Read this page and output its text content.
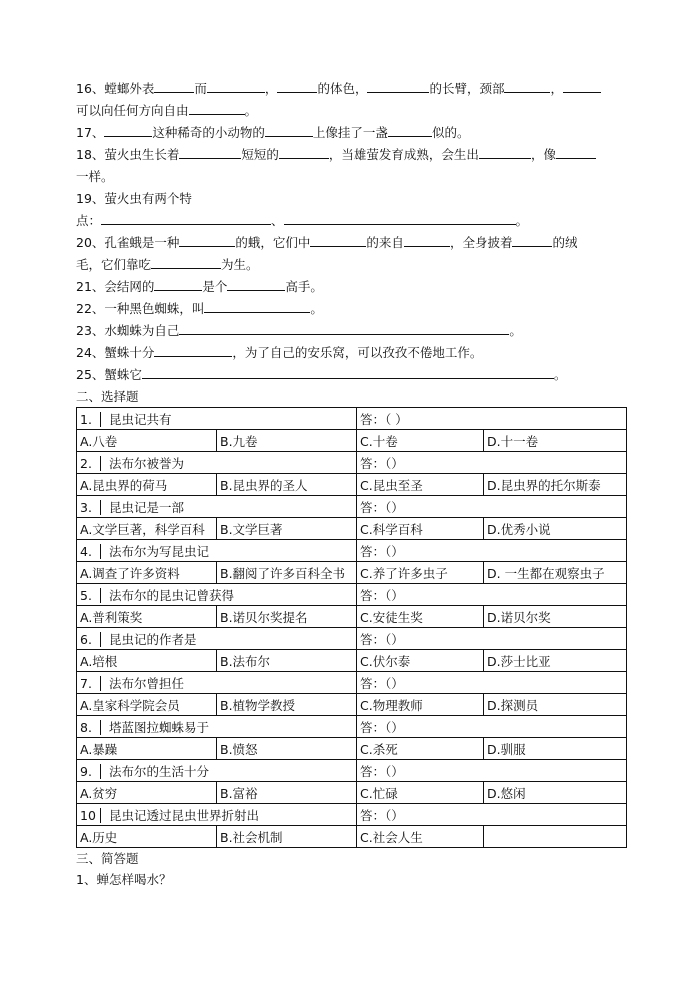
16、螳螂外表	而	，	的体色，	的长臂，颈部	，
可以向任何方向自由	。
17、	这种稀奇的小动物的	上像挂了一盏	似的。
18、萤火虫生长着	短短的	，当雄萤发育成熟，会生出	，像
一样。
19、萤火虫有两个特
点：	、	。
20、孔雀蛾是一种	的蛾，它们中	的来自	，全身披着	的绒
毛，它们靠吃	为生。
21、会结网的	是个	高手。
22、一种黑色蜘蛛，叫	。
23、水蜘蛛为自己	。
24、蟹蛛十分	，为了自己的安乐窝，可以孜孜不倦地工作。
25、蟹蛛它	。
二、选择题
1. 昆虫记共有		答：（ ）	
A.八卷	B.九卷	C.十卷	D.十一卷
2. 法布尔被誉为		答：（）	
A.昆虫界的荷马	B.昆虫界的圣人	C.昆虫至圣	D.昆虫界的托尔斯泰
3. 昆虫记是一部		答：（）	
A.文学巨著，科学百科	B.文学巨著	C.科学百科	D.优秀小说
4. 法布尔为写昆虫记		答：（）	
A.调查了许多资料	B.翻阅了许多百科全书	C.养了许多虫子	D. 一生都在观察虫子
5. 法布尔的昆虫记曾获得		答：（）	
A.普利策奖	B.诺贝尔奖提名	C.安徒生奖	D.诺贝尔奖
6. 昆虫记的作者是		答：（）	
A.培根	B.法布尔	C.伏尔泰	D.莎士比亚
7. 法布尔曾担任		答：（）	
A.皇家科学院会员	B.植物学教授	C.物理教师	D.探测员
8. 塔蓝图拉蜘蛛易于		答：（）	
A.暴躁	B.愤怒	C.杀死	D.驯服
9. 法布尔的生活十分		答：（）	
A.贫穷	B.富裕	C.忙碌	D.悠闲
10 昆虫记透过昆虫世界折射出		答：（）	
A.历史	B.社会机制	C.社会人生	
三、简答题
1、蝉怎样喝水？
